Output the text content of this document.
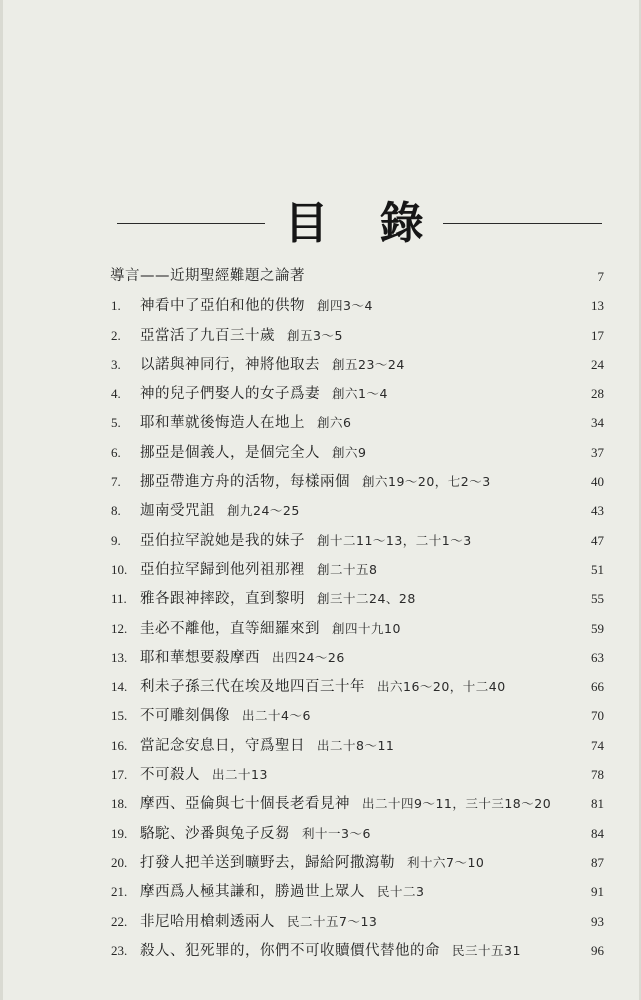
目 錄
導言——近期聖經難題之論著	7
1. 神看中了亞伯和他的供物 創四3～4	13
2. 亞當活了九百三十歲 創五3～5	17
3. 以諾與神同行，神將他取去 創五23～24	24
4. 神的兒子們娶人的女子爲妻 創六1～4	28
5. 耶和華就後悔造人在地上 創六6	34
6. 挪亞是個義人，是個完全人 創六9	37
7. 挪亞帶進方舟的活物，每樣兩個 創六19～20，七2～3	40
8. 迦南受咒詛 創九24～25	43
9. 亞伯拉罕說她是我的妹子 創十二11～13，二十1～3	47
10. 亞伯拉罕歸到他列祖那裡 創二十五8	51
11. 雅各跟神摔跤，直到黎明 創三十二24、28	55
12. 圭必不離他，直等細羅來到 創四十九10	59
13. 耶和華想要殺摩西 出四24～26	63
14. 利未子孫三代在埃及地四百三十年 出六16～20，十二40	66
15. 不可雕刻偶像 出二十4～6	70
16. 當記念安息日，守爲聖日 出二十8～11	74
17. 不可殺人 出二十13	78
18. 摩西、亞倫與七十個長老看見神 出二十四9～11，三十三18～20	81
19. 駱駝、沙番與兔子反芻 利十一3～6	84
20. 打發人把羊送到曠野去，歸給阿撒瀉勒 利十六7～10	87
21. 摩西爲人極其謙和，勝過世上眾人 民十二3	91
22. 非尼哈用槍刺透兩人 民二十五7～13	93
23. 殺人、犯死罪的，你們不可收贖價代替他的命 民三十五31	96
